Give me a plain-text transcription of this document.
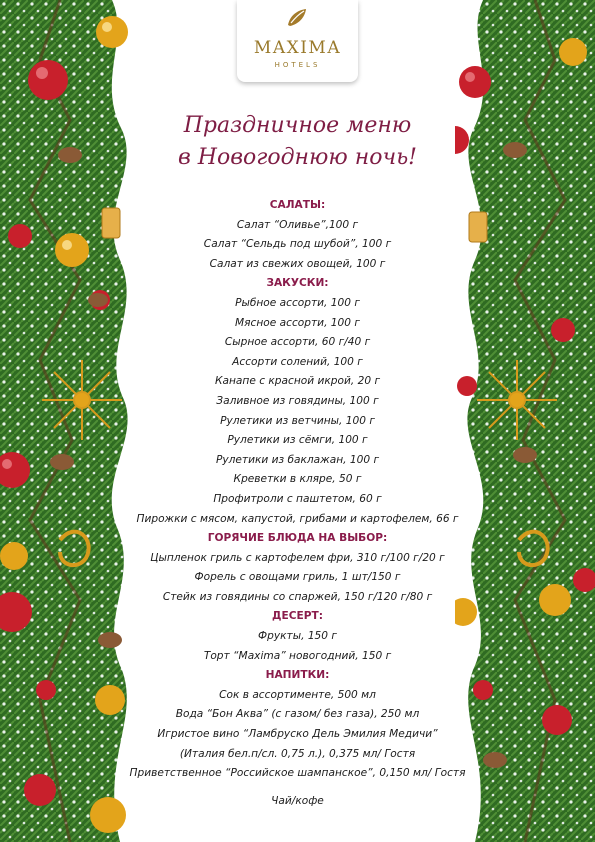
MAXIMA
HOTELS
Праздничное меню
в Новогоднюю ночь!
САЛАТЫ:
Салат “Оливье”,100 г
Салат “Сельдь под шубой”, 100 г
Салат из свежих овощей, 100 г
ЗАКУСКИ:
Рыбное ассорти, 100 г
Мясное ассорти, 100 г
Сырное ассорти, 60 г/40 г
Ассорти солений, 100 г
Канапе с красной икрой, 20 г
Заливное из говядины, 100 г
Рулетики из ветчины, 100 г
Рулетики из сёмги, 100 г
Рулетики из баклажан, 100 г
Креветки в кляре, 50 г
Профитроли с паштетом, 60 г
Пирожки с мясом, капустой, грибами и картофелем, 66 г
ГОРЯЧИЕ БЛЮДА НА ВЫБОР:
Цыпленок гриль с картофелем фри, 310 г/100 г/20 г
Форель с овощами гриль, 1 шт/150 г
Стейк из говядины со спаржей, 150 г/120 г/80 г
ДЕСЕРТ:
Фрукты, 150 г
Торт “Maxima” новогодний, 150 г
НАПИТКИ:
Сок в ассортименте, 500 мл
Вода “Бон Аква” (с газом/ без газа), 250 мл
Игристое вино “Ламбруско Дель Эмилия Медичи”
(Италия бел.п/сл. 0,75 л.), 0,375 мл/ Гостя
Приветственное “Российское шампанское”, 0,150 мл/ Гостя
Чай/кофе
